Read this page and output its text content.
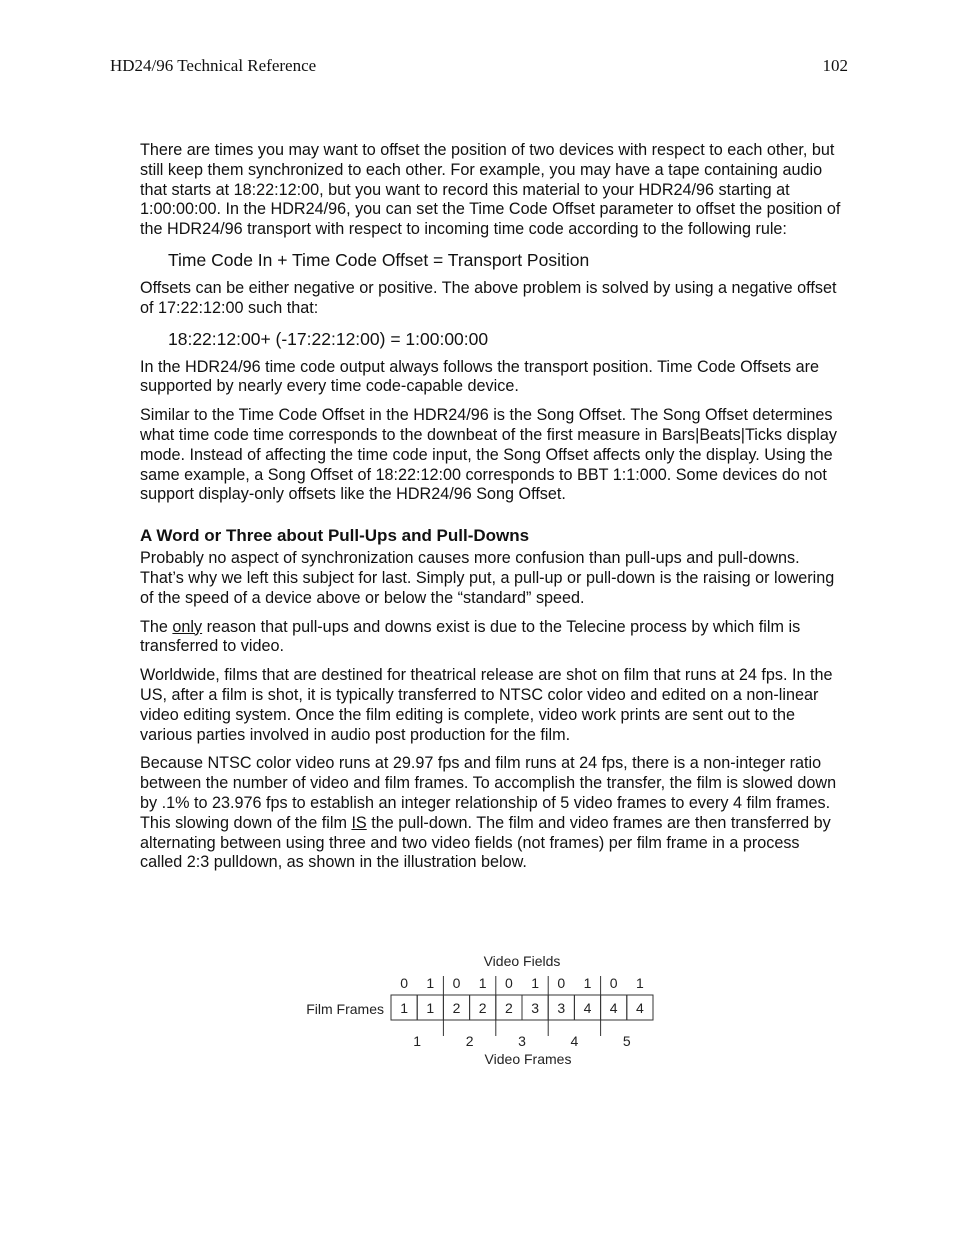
HD24/96 Technical Reference	102

There are times you may want to offset the position of two devices with respect to each other, but still keep them synchronized to each other. For example, you may have a tape containing audio that starts at 18:22:12:00, but you want to record this material to your HDR24/96 starting at 1:00:00:00. In the HDR24/96, you can set the Time Code Offset parameter to offset the position of the HDR24/96 transport with respect to incoming time code according to the following rule:

Time Code In + Time Code Offset = Transport Position

Offsets can be either negative or positive. The above problem is solved by using a negative offset of 17:22:12:00 such that:

18:22:12:00+ (-17:22:12:00) = 1:00:00:00

In the HDR24/96 time code output always follows the transport position. Time Code Offsets are supported by nearly every time code-capable device.

Similar to the Time Code Offset in the HDR24/96 is the Song Offset. The Song Offset determines what time code time corresponds to the downbeat of the first measure in Bars|Beats|Ticks display mode. Instead of affecting the time code input, the Song Offset affects only the display. Using the same example, a Song Offset of 18:22:12:00 corresponds to BBT 1:1:000. Some devices do not support display-only offsets like the HDR24/96 Song Offset.

A Word or Three about Pull-Ups and Pull-Downs

Probably no aspect of synchronization causes more confusion than pull-ups and pull-downs. That’s why we left this subject for last. Simply put, a pull-up or pull-down is the raising or lowering of the speed of a device above or below the “standard” speed.

The only reason that pull-ups and downs exist is due to the Telecine process by which film is transferred to video.

Worldwide, films that are destined for theatrical release are shot on film that runs at 24 fps. In the US, after a film is shot, it is typically transferred to NTSC color video and edited on a non-linear video editing system. Once the film editing is complete, video work prints are sent out to the various parties involved in audio post production for the film.

Because NTSC color video runs at 29.97 fps and film runs at 24 fps, there is a non-integer ratio between the number of video and film frames. To accomplish the transfer, the film is slowed down by .1% to 23.976 fps to establish an integer relationship of 5 video frames to every 4 film frames. This slowing down of the film IS the pull-down. The film and video frames are then transferred by alternating between using three and two video fields (not frames) per film frame in a process called 2:3 pulldown, as shown in the illustration below.

Video Fields
Film Frames
Video Frames
0 1 0 1 0 1 0 1 0 1
1 1 2 2 2 3 3 4 4 4
1	2	3	4	5
